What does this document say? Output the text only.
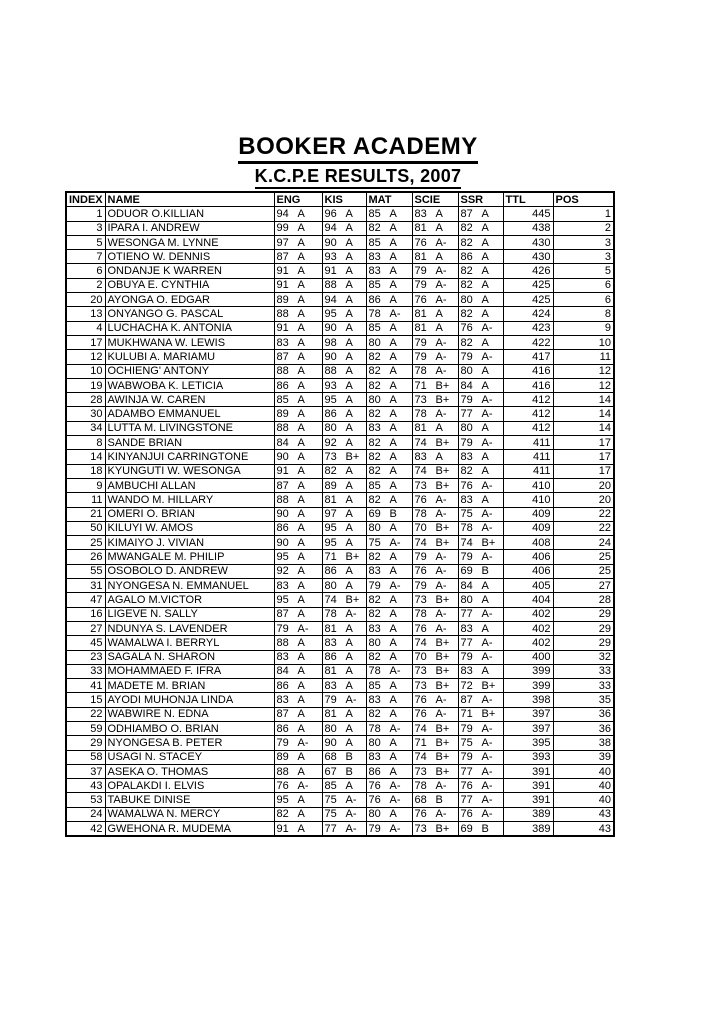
BOOKER ACADEMY
K.C.P.E RESULTS, 2007
INDEX	NAME	ENG	KIS	MAT	SCIE	SSR	TTL	POS
1	ODUOR O.KILLIAN	94 A	96 A	85 A	83 A	87 A	445	1
3	IPARA I. ANDREW	99 A	94 A	82 A	81 A	82 A	438	2
5	WESONGA M. LYNNE	97 A	90 A	85 A	76 A-	82 A	430	3
7	OTIENO W. DENNIS	87 A	93 A	83 A	81 A	86 A	430	3
6	ONDANJE K WARREN	91 A	91 A	83 A	79 A-	82 A	426	5
2	OBUYA E. CYNTHIA	91 A	88 A	85 A	79 A-	82 A	425	6
20	AYONGA O. EDGAR	89 A	94 A	86 A	76 A-	80 A	425	6
13	ONYANGO G. PASCAL	88 A	95 A	78 A-	81 A	82 A	424	8
4	LUCHACHA K. ANTONIA	91 A	90 A	85 A	81 A	76 A-	423	9
17	MUKHWANA W. LEWIS	83 A	98 A	80 A	79 A-	82 A	422	10
12	KULUBI A. MARIAMU	87 A	90 A	82 A	79 A-	79 A-	417	11
10	OCHIENG' ANTONY	88 A	88 A	82 A	78 A-	80 A	416	12
19	WABWOBA K. LETICIA	86 A	93 A	82 A	71 B+	84 A	416	12
28	AWINJA W. CAREN	85 A	95 A	80 A	73 B+	79 A-	412	14
30	ADAMBO EMMANUEL	89 A	86 A	82 A	78 A-	77 A-	412	14
34	LUTTA M. LIVINGSTONE	88 A	80 A	83 A	81 A	80 A	412	14
8	SANDE BRIAN	84 A	92 A	82 A	74 B+	79 A-	411	17
14	KINYANJUI CARRINGTONE	90 A	73 B+	82 A	83 A	83 A	411	17
18	KYUNGUTI W. WESONGA	91 A	82 A	82 A	74 B+	82 A	411	17
9	AMBUCHI ALLAN	87 A	89 A	85 A	73 B+	76 A-	410	20
11	WANDO M. HILLARY	88 A	81 A	82 A	76 A-	83 A	410	20
21	OMERI O. BRIAN	90 A	97 A	69 B	78 A-	75 A-	409	22
50	KILUYI W. AMOS	86 A	95 A	80 A	70 B+	78 A-	409	22
25	KIMAIYO J. VIVIAN	90 A	95 A	75 A-	74 B+	74 B+	408	24
26	MWANGALE M. PHILIP	95 A	71 B+	82 A	79 A-	79 A-	406	25
55	OSOBOLO D. ANDREW	92 A	86 A	83 A	76 A-	69 B	406	25
31	NYONGESA N. EMMANUEL	83 A	80 A	79 A-	79 A-	84 A	405	27
47	AGALO M.VICTOR	95 A	74 B+	82 A	73 B+	80 A	404	28
16	LIGEVE N. SALLY	87 A	78 A-	82 A	78 A-	77 A-	402	29
27	NDUNYA S. LAVENDER	79 A-	81 A	83 A	76 A-	83 A	402	29
45	WAMALWA I. BERRYL	88 A	83 A	80 A	74 B+	77 A-	402	29
23	SAGALA N. SHARON	83 A	86 A	82 A	70 B+	79 A-	400	32
33	MOHAMMAED F. IFRA	84 A	81 A	78 A-	73 B+	83 A	399	33
41	MADETE M. BRIAN	86 A	83 A	85 A	73 B+	72 B+	399	33
15	AYODI MUHONJA LINDA	83 A	79 A-	83 A	76 A-	87 A-	398	35
22	WABWIRE N. EDNA	87 A	81 A	82 A	76 A-	71 B+	397	36
59	ODHIAMBO O. BRIAN	86 A	80 A	78 A-	74 B+	79 A-	397	36
29	NYONGESA B. PETER	79 A-	90 A	80 A	71 B+	75 A-	395	38
58	USAGI N. STACEY	89 A	68 B	83 A	74 B+	79 A-	393	39
37	ASEKA O. THOMAS	88 A	67 B	86 A	73 B+	77 A-	391	40
43	OPALAKDI I. ELVIS	76 A-	85 A	76 A-	78 A-	76 A-	391	40
53	TABUKE DINISE	95 A	75 A-	76 A-	68 B	77 A-	391	40
24	WAMALWA N. MERCY	82 A	75 A-	80 A	76 A-	76 A-	389	43
42	GWEHONA R. MUDEMA	91 A	77 A-	79 A-	73 B+	69 B	389	43
